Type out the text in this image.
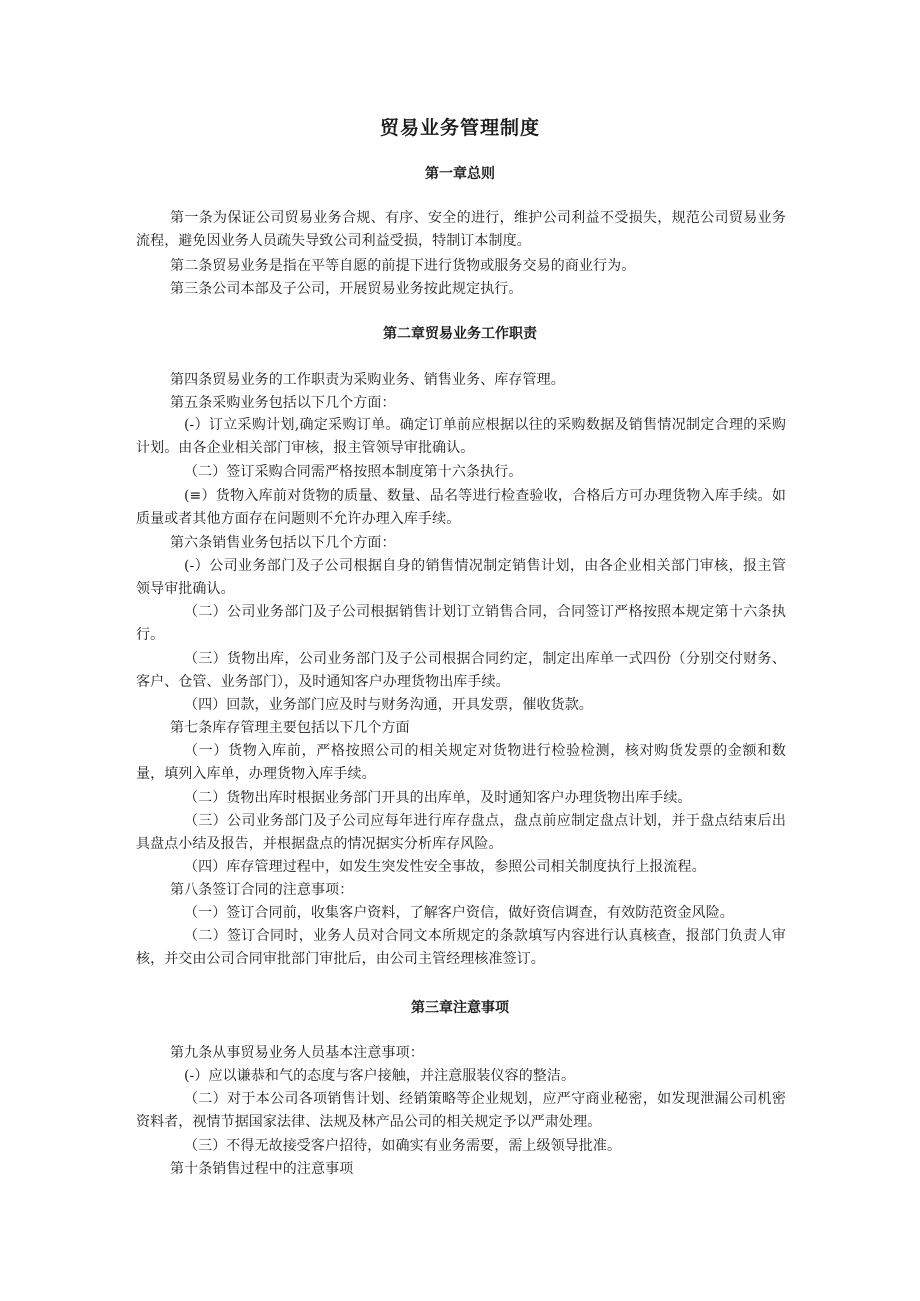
贸易业务管理制度
第一章总则

第一条为保证公司贸易业务合规、有序、安全的进行，维护公司利益不受损失，规范公司贸易业务流程，避免因业务人员疏失导致公司利益受损，特制订本制度。

第二条贸易业务是指在平等自愿的前提下进行货物或服务交易的商业行为。

第三条公司本部及子公司，开展贸易业务按此规定执行。

第二章贸易业务工作职责

第四条贸易业务的工作职责为采购业务、销售业务、库存管理。

第五条采购业务包括以下几个方面：

(-）订立采购计划,确定采购订单。确定订单前应根据以往的采购数据及销售情况制定合理的采购计划。由各企业相关部门审核，报主管领导审批确认。

（二）签订采购合同需严格按照本制度第十六条执行。

(≡）货物入库前对货物的质量、数量、品名等进行检查验收，合格后方可办理货物入库手续。如质量或者其他方面存在问题则不允许办理入库手续。

第六条销售业务包括以下几个方面：

(-）公司业务部门及子公司根据自身的销售情况制定销售计划，由各企业相关部门审核，报主管领导审批确认。

（二）公司业务部门及子公司根据销售计划订立销售合同，合同签订严格按照本规定第十六条执行。

（三）货物出库，公司业务部门及子公司根据合同约定，制定出库单一式四份（分别交付财务、客户、仓管、业务部门），及时通知客户办理货物出库手续。

（四）回款，业务部门应及时与财务沟通，开具发票，催收货款。

第七条库存管理主要包括以下几个方面

（一）货物入库前，严格按照公司的相关规定对货物进行检验检测，核对购货发票的金额和数量，填列入库单，办理货物入库手续。

（二）货物出库时根据业务部门开具的出库单，及时通知客户办理货物出库手续。

（三）公司业务部门及子公司应每年进行库存盘点，盘点前应制定盘点计划，并于盘点结束后出具盘点小结及报告，并根据盘点的情况据实分析库存风险。

（四）库存管理过程中，如发生突发性安全事故，参照公司相关制度执行上报流程。

第八条签订合同的注意事项：

（一）签订合同前，收集客户资料，了解客户资信，做好资信调查，有效防范资金风险。

（二）签订合同时，业务人员对合同文本所规定的条款填写内容进行认真核查，报部门负责人审核，并交由公司合同审批部门审批后，由公司主管经理核准签订。

第三章注意事项

第九条从事贸易业务人员基本注意事项：

(-）应以谦恭和气的态度与客户接触，并注意服装仪容的整洁。

（二）对于本公司各项销售计划、经销策略等企业规划，应严守商业秘密，如发现泄漏公司机密资料者，视情节据国家法律、法规及林产品公司的相关规定予以严肃处理。

（三）不得无故接受客户招待，如确实有业务需要，需上级领导批准。

第十条销售过程中的注意事项
